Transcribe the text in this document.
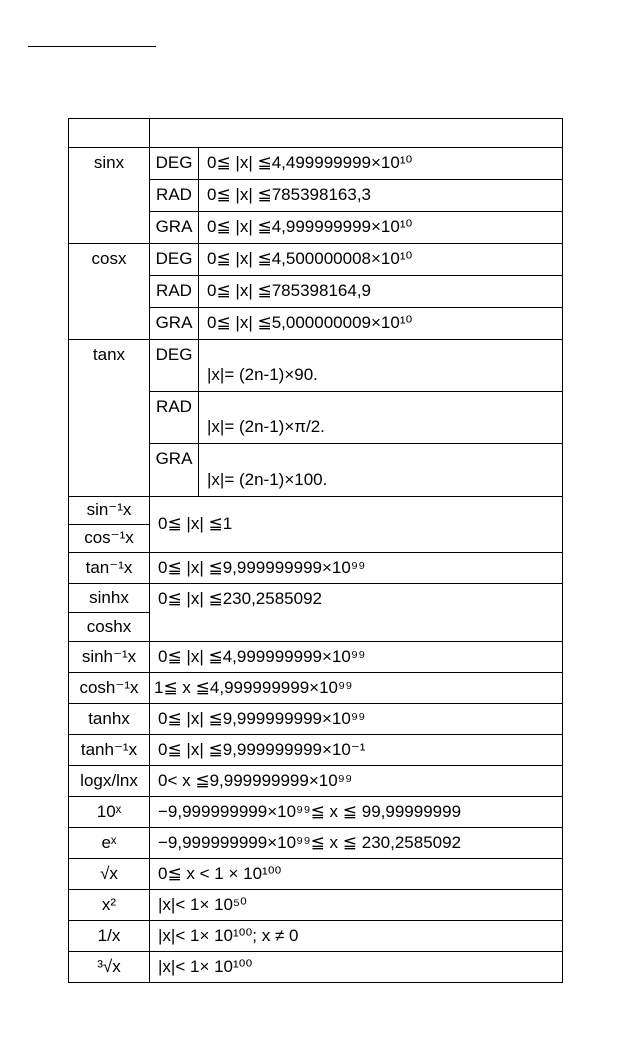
sinx	DEG	0≦ |x| ≦4,499999999×10¹⁰
	RAD	0≦ |x| ≦785398163,3
	GRA	0≦ |x| ≦4,999999999×10¹⁰
cosx	DEG	0≦ |x| ≦4,500000008×10¹⁰
	RAD	0≦ |x| ≦785398164,9
	GRA	0≦ |x| ≦5,000000009×10¹⁰
tanx	DEG	|x|= (2n-1)×90.
	RAD	|x|= (2n-1)×π/2.
	GRA	|x|= (2n-1)×100.
sin⁻¹x	0≦ |x| ≦1	
cos⁻¹x		
tan⁻¹x	0≦ |x| ≦9,999999999×10⁹⁹	
sinhx	0≦ |x| ≦230,2585092	
coshx		
sinh⁻¹x	0≦ |x| ≦4,999999999×10⁹⁹	
cosh⁻¹x	1≦ x ≦4,999999999×10⁹⁹	
tanhx	0≦ |x| ≦9,999999999×10⁹⁹	
tanh⁻¹x	0≦ |x| ≦9,999999999×10⁻¹	
logx/lnx	0< x ≦9,999999999×10⁹⁹	
10ˣ	−9,999999999×10⁹⁹≦ x ≦ 99,99999999	
eˣ	−9,999999999×10⁹⁹≦ x ≦ 230,2585092	
√x	0≦ x < 1 × 10¹⁰⁰	
x²	|x|< 1× 10⁵⁰	
1/x	|x|< 1× 10¹⁰⁰; x ≠ 0	
³√x	|x|< 1× 10¹⁰⁰	
